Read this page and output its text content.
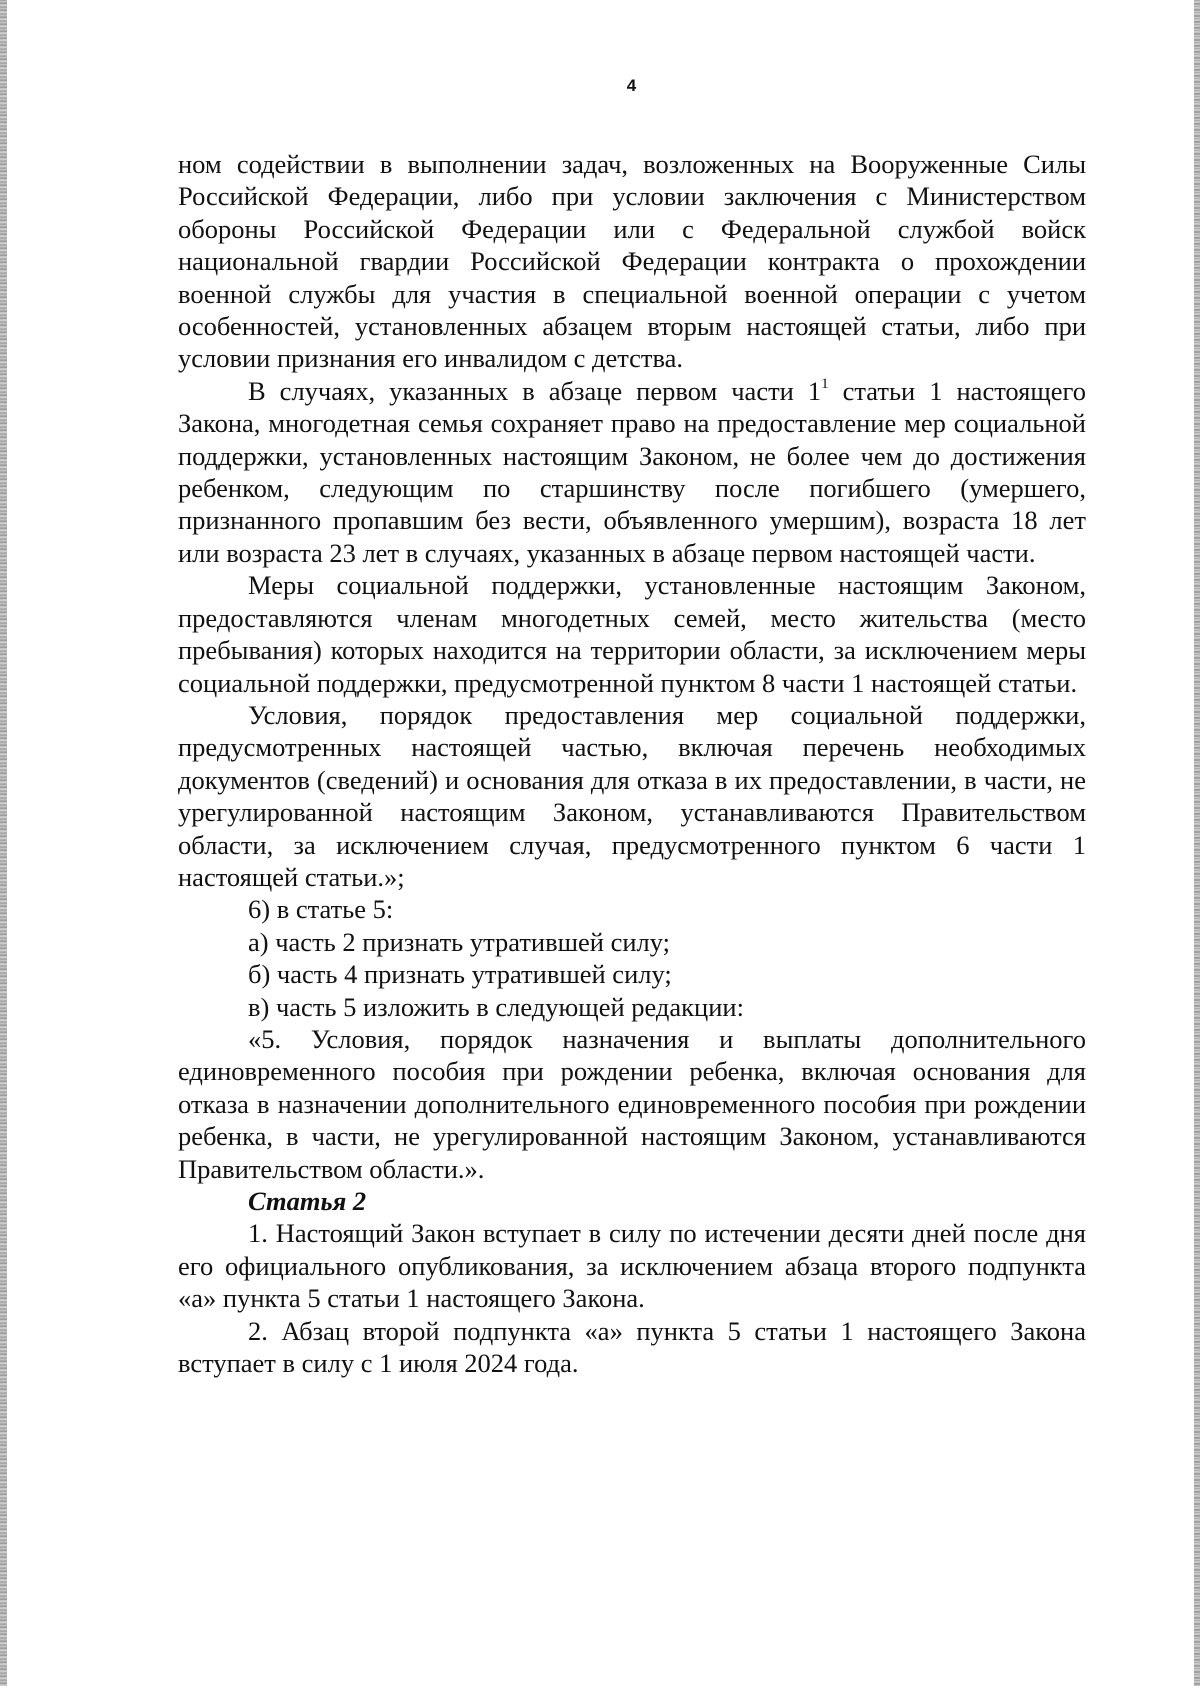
4

ном содействии в выполнении задач, возложенных на Вооруженные Силы Российской Федерации, либо при условии заключения с Министерством обороны Российской Федерации или с Федеральной службой войск национальной гвардии Российской Федерации контракта о прохождении военной службы для участия в специальной военной операции с учетом особенностей, установленных абзацем вторым настоящей статьи, либо при условии признания его инвалидом с детства.

В случаях, указанных в абзаце первом части $1^1$ статьи 1 настоящего Закона, многодетная семья сохраняет право на предоставление мер социальной поддержки, установленных настоящим Законом, не более чем до достижения ребенком, следующим по старшинству после погибшего (умершего, признанного пропавшим без вести, объявленного умершим), возраста 18 лет или возраста 23 лет в случаях, указанных в абзаце первом настоящей части.

Меры социальной поддержки, установленные настоящим Законом, предоставляются членам многодетных семей, место жительства (место пребывания) которых находится на территории области, за исключением меры социальной поддержки, предусмотренной пунктом 8 части 1 настоящей статьи.

Условия, порядок предоставления мер социальной поддержки, предусмотренных настоящей частью, включая перечень необходимых документов (сведений) и основания для отказа в их предоставлении, в части, не урегулированной настоящим Законом, устанавливаются Правительством области, за исключением случая, предусмотренного пунктом 6 части 1 настоящей статьи.»;

6) в статье 5:

а) часть 2 признать утратившей силу;

б) часть 4 признать утратившей силу;

в) часть 5 изложить в следующей редакции:

«5. Условия, порядок назначения и выплаты дополнительного единовременного пособия при рождении ребенка, включая основания для отказа в назначении дополнительного единовременного пособия при рождении ребенка, в части, не урегулированной настоящим Законом, устанавливаются Правительством области.».

Статья 2

1. Настоящий Закон вступает в силу по истечении десяти дней после дня его официального опубликования, за исключением абзаца второго подпункта «а» пункта 5 статьи 1 настоящего Закона.

2. Абзац второй подпункта «а» пункта 5 статьи 1 настоящего Закона вступает в силу с 1 июля 2024 года.
